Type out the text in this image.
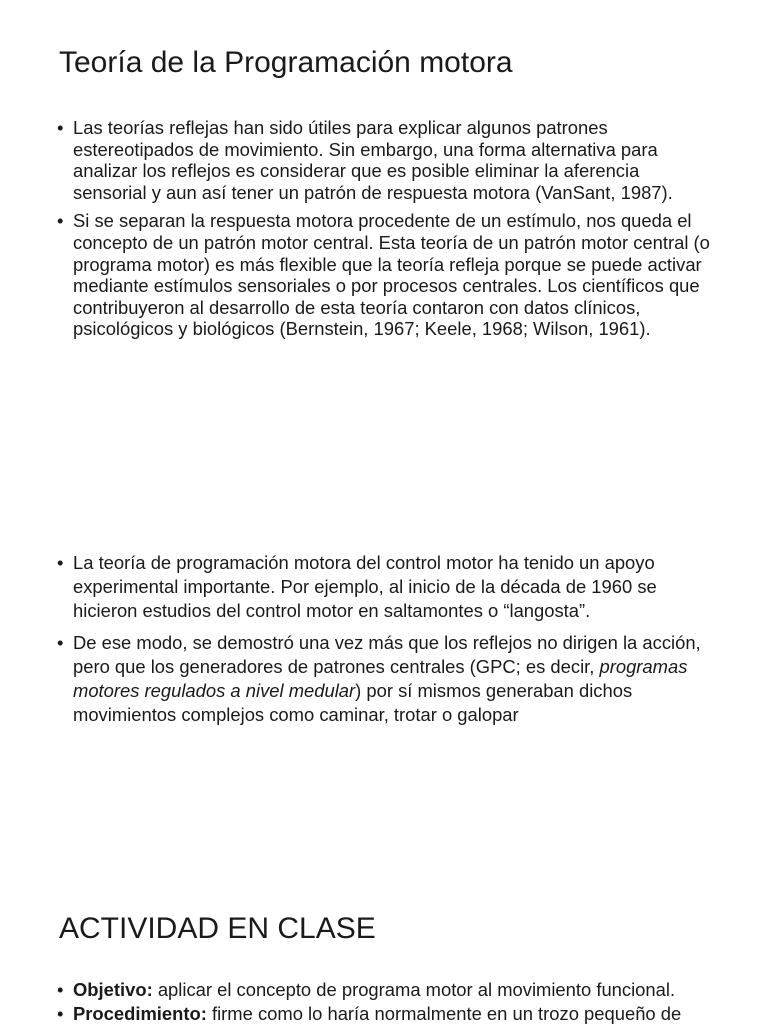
Teoría de la Programación motora
• Las teorías reflejas han sido útiles para explicar algunos patrones estereotipados de movimiento. Sin embargo, una forma alternativa para analizar los reflejos es considerar que es posible eliminar la aferencia sensorial y aun así tener un patrón de respuesta motora (VanSant, 1987).
• Si se separan la respuesta motora procedente de un estímulo, nos queda el concepto de un patrón motor central. Esta teoría de un patrón motor central (o programa motor) es más flexible que la teoría refleja porque se puede activar mediante estímulos sensoriales o por procesos centrales. Los científicos que contribuyeron al desarrollo de esta teoría contaron con datos clínicos, psicológicos y biológicos (Bernstein, 1967; Keele, 1968; Wilson, 1961).
• La teoría de programación motora del control motor ha tenido un apoyo experimental importante. Por ejemplo, al inicio de la década de 1960 se hicieron estudios del control motor en saltamontes o “langosta”.
• De ese modo, se demostró una vez más que los reflejos no dirigen la acción, pero que los generadores de patrones centrales (GPC; es decir, programas motores regulados a nivel medular) por sí mismos generaban dichos movimientos complejos como caminar, trotar o galopar
ACTIVIDAD EN CLASE
• Objetivo: aplicar el concepto de programa motor al movimiento funcional.
• Procedimiento: firme como lo haría normalmente en un trozo pequeño de
